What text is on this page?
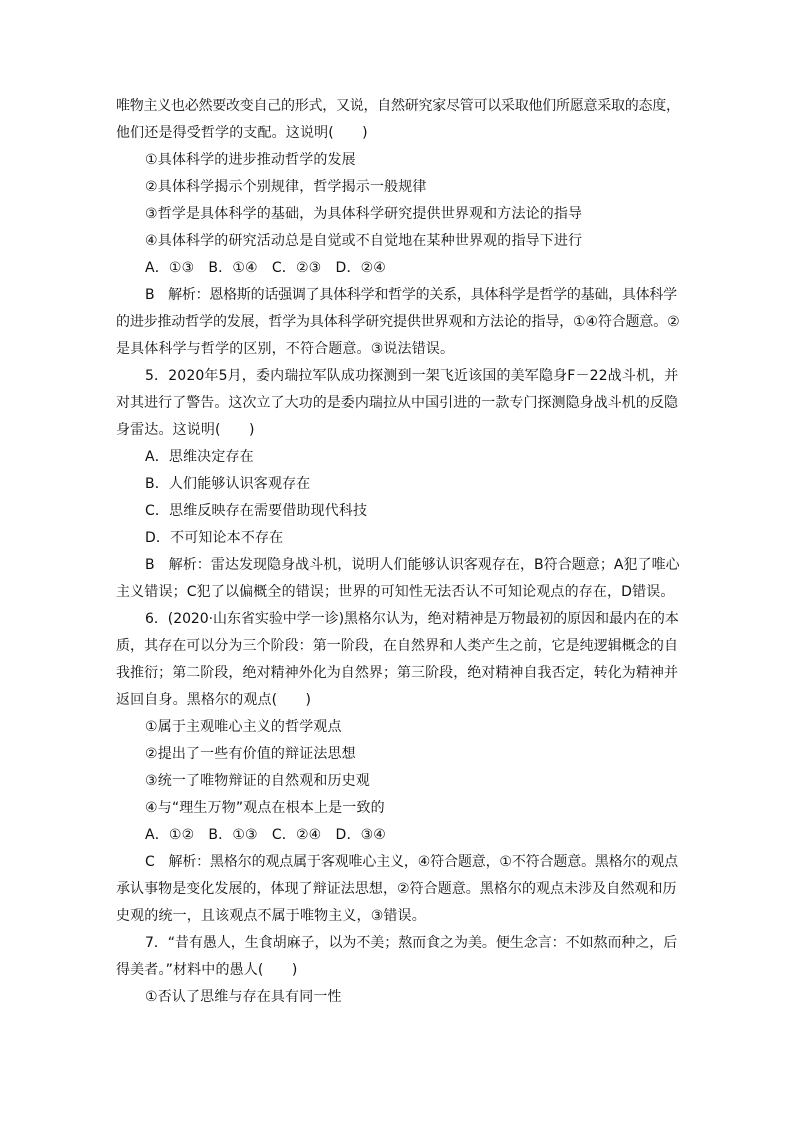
唯物主义也必然要改变自己的形式，又说，自然研究家尽管可以采取他们所愿意采取的态度，
他们还是得受哲学的支配。这说明(　　)
①具体科学的进步推动哲学的发展
②具体科学揭示个别规律，哲学揭示一般规律
③哲学是具体科学的基础，为具体科学研究提供世界观和方法论的指导
④具体科学的研究活动总是自觉或不自觉地在某种世界观的指导下进行
A．①③　B．①④　C．②③　D．②④
B　解析：恩格斯的话强调了具体科学和哲学的关系，具体科学是哲学的基础，具体科学
的进步推动哲学的发展，哲学为具体科学研究提供世界观和方法论的指导，①④符合题意。②
是具体科学与哲学的区别，不符合题意。③说法错误。
5．2020年5月，委内瑞拉军队成功探测到一架飞近该国的美军隐身F－22战斗机，并
对其进行了警告。这次立了大功的是委内瑞拉从中国引进的一款专门探测隐身战斗机的反隐
身雷达。这说明(　　)
A．思维决定存在
B．人们能够认识客观存在
C．思维反映存在需要借助现代科技
D．不可知论本不存在
B　解析：雷达发现隐身战斗机，说明人们能够认识客观存在，B符合题意；A犯了唯心
主义错误；C犯了以偏概全的错误；世界的可知性无法否认不可知论观点的存在，D错误。
6．(2020·山东省实验中学一诊)黑格尔认为，绝对精神是万物最初的原因和最内在的本
质，其存在可以分为三个阶段：第一阶段，在自然界和人类产生之前，它是纯逻辑概念的自
我推衍；第二阶段，绝对精神外化为自然界；第三阶段，绝对精神自我否定，转化为精神并
返回自身。黑格尔的观点(　　)
①属于主观唯心主义的哲学观点
②提出了一些有价值的辩证法思想
③统一了唯物辩证的自然观和历史观
④与“理生万物”观点在根本上是一致的
A．①②　B．①③　C．②④　D．③④
C　解析：黑格尔的观点属于客观唯心主义，④符合题意，①不符合题意。黑格尔的观点
承认事物是变化发展的，体现了辩证法思想，②符合题意。黑格尔的观点未涉及自然观和历
史观的统一，且该观点不属于唯物主义，③错误。
7．“昔有愚人，生食胡麻子，以为不美；熬而食之为美。便生念言：不如熬而种之，后
得美者。”材料中的愚人(　　)
①否认了思维与存在具有同一性
